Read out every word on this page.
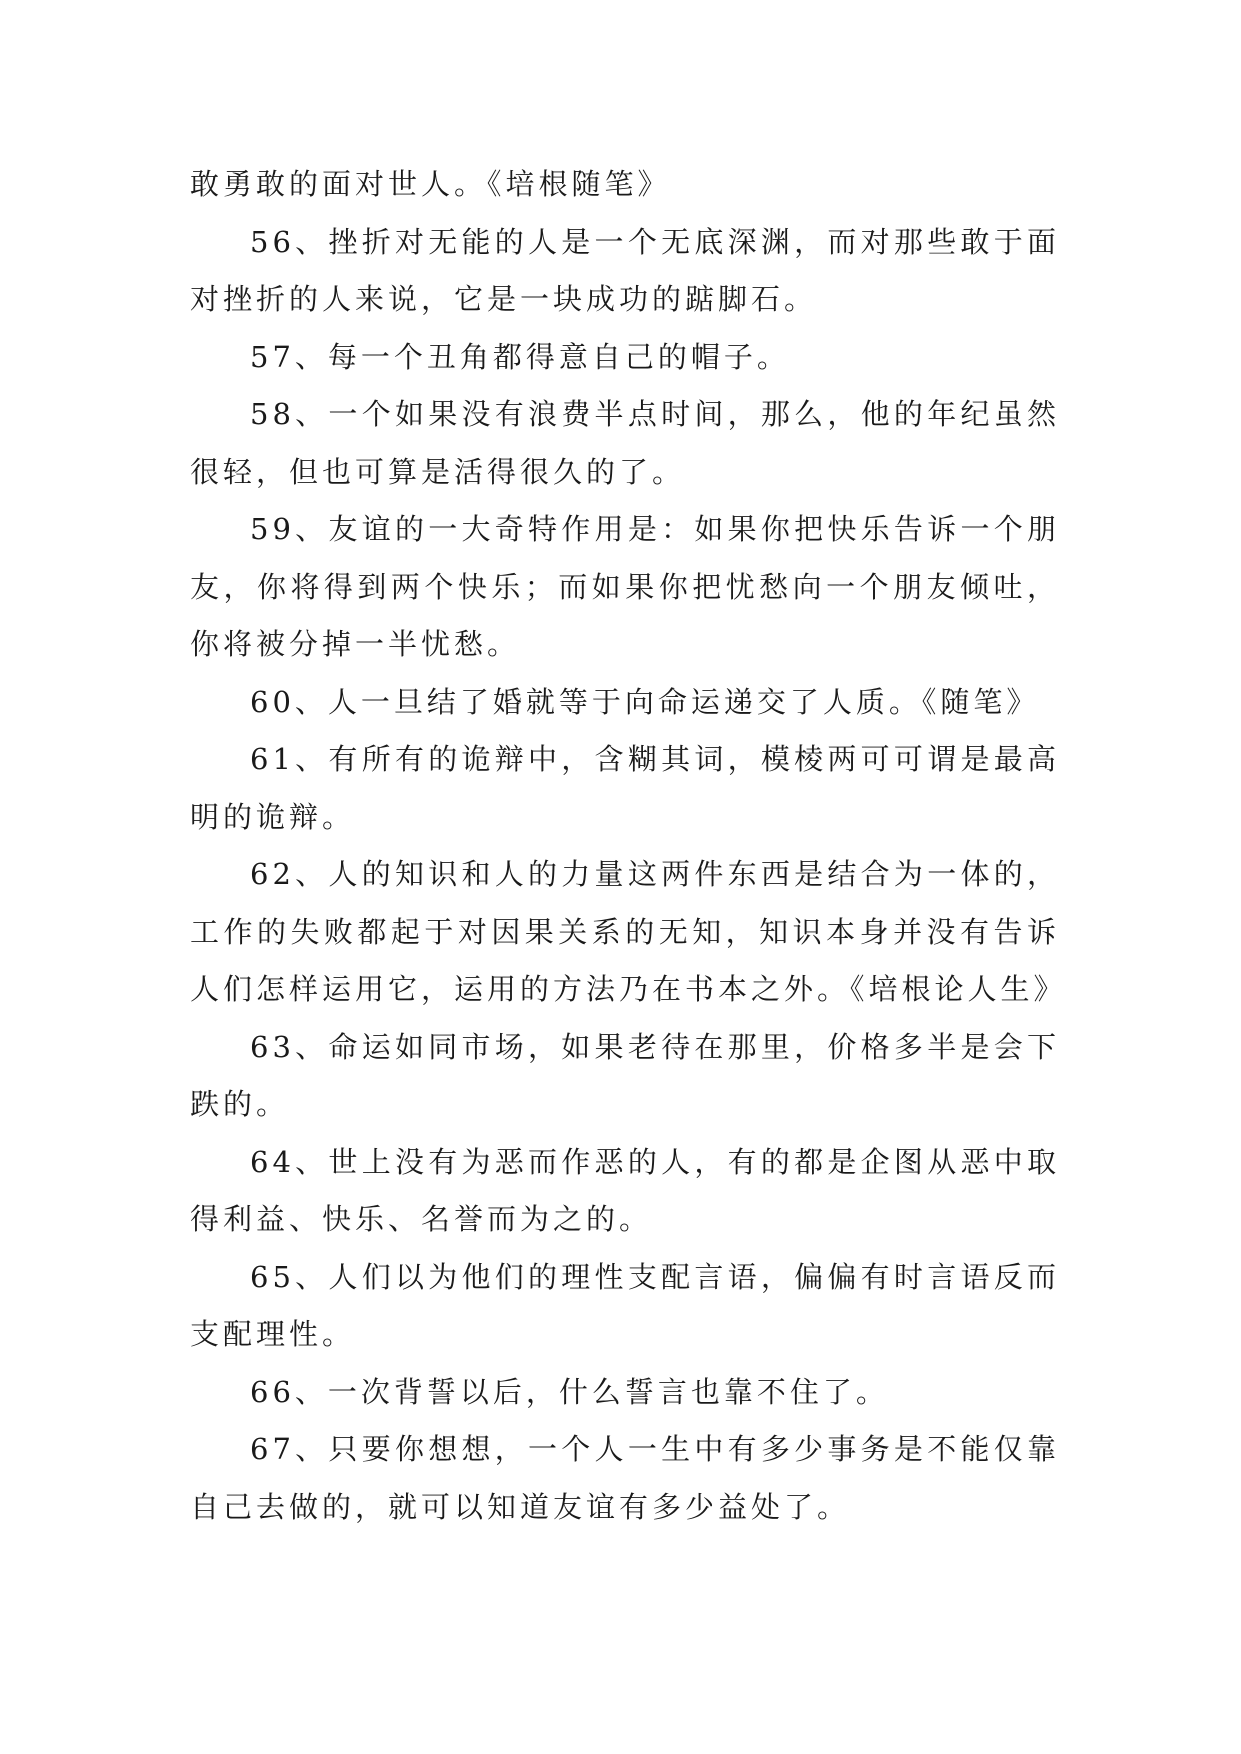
敢勇敢的面对世人。《培根随笔》

56、挫折对无能的人是一个无底深渊，而对那些敢于面对挫折的人来说，它是一块成功的踮脚石。

57、每一个丑角都得意自己的帽子。

58、一个如果没有浪费半点时间，那么，他的年纪虽然很轻，但也可算是活得很久的了。

59、友谊的一大奇特作用是：如果你把快乐告诉一个朋友，你将得到两个快乐；而如果你把忧愁向一个朋友倾吐，你将被分掉一半忧愁。

60、人一旦结了婚就等于向命运递交了人质。《随笔》

61、有所有的诡辩中，含糊其词，模棱两可可谓是最高明的诡辩。

62、人的知识和人的力量这两件东西是结合为一体的，工作的失败都起于对因果关系的无知，知识本身并没有告诉人们怎样运用它，运用的方法乃在书本之外。《培根论人生》

63、命运如同市场，如果老待在那里，价格多半是会下跌的。

64、世上没有为恶而作恶的人，有的都是企图从恶中取得利益、快乐、名誉而为之的。

65、人们以为他们的理性支配言语，偏偏有时言语反而支配理性。

66、一次背誓以后，什么誓言也靠不住了。

67、只要你想想，一个人一生中有多少事务是不能仅靠自己去做的，就可以知道友谊有多少益处了。
